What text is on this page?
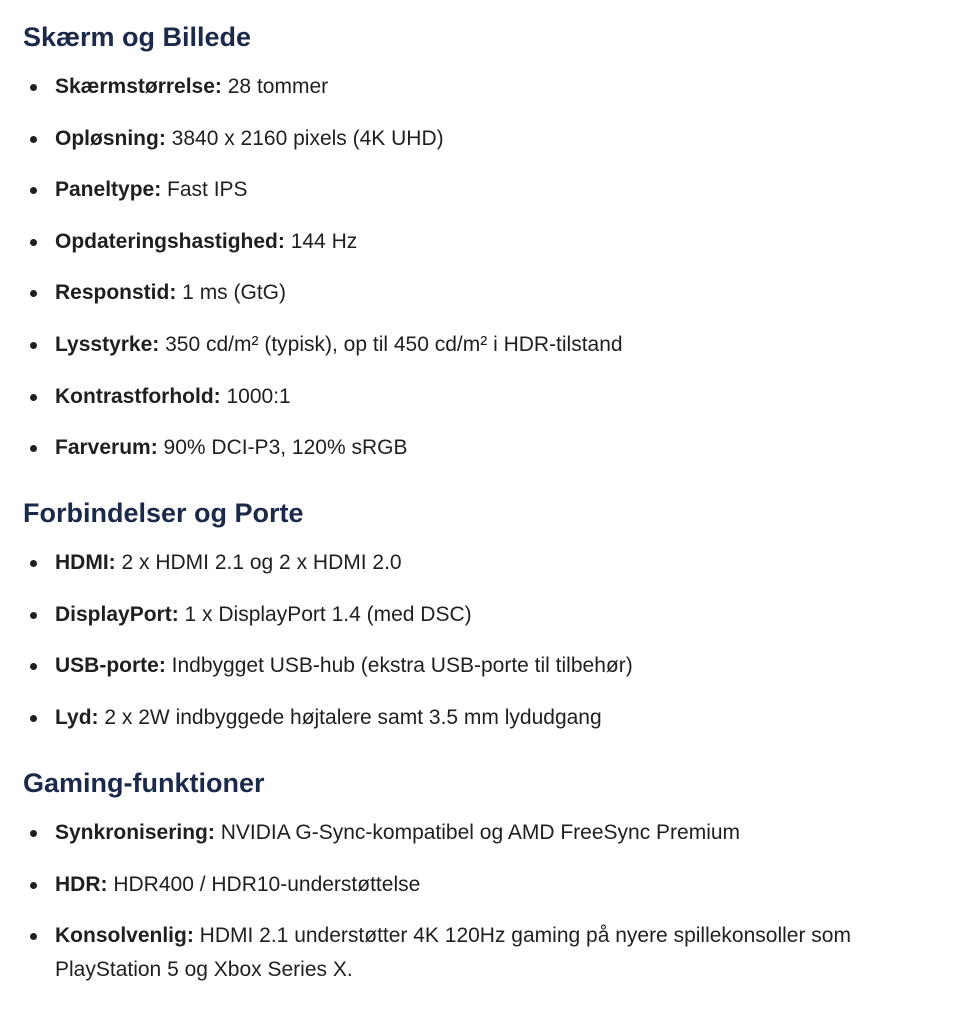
Skærm og Billede
Skærmstørrelse: 28 tommer
Opløsning: 3840 x 2160 pixels (4K UHD)
Paneltype: Fast IPS
Opdateringshastighed: 144 Hz
Responstid: 1 ms (GtG)
Lysstyrke: 350 cd/m² (typisk), op til 450 cd/m² i HDR-tilstand
Kontrastforhold: 1000:1
Farverum: 90% DCI-P3, 120% sRGB
Forbindelser og Porte
HDMI: 2 x HDMI 2.1 og 2 x HDMI 2.0
DisplayPort: 1 x DisplayPort 1.4 (med DSC)
USB-porte: Indbygget USB-hub (ekstra USB-porte til tilbehør)
Lyd: 2 x 2W indbyggede højtalere samt 3.5 mm lydudgang
Gaming-funktioner
Synkronisering: NVIDIA G-Sync-kompatibel og AMD FreeSync Premium
HDR: HDR400 / HDR10-understøttelse
Konsolvenlig: HDMI 2.1 understøtter 4K 120Hz gaming på nyere spillekonsoller som PlayStation 5 og Xbox Series X.
